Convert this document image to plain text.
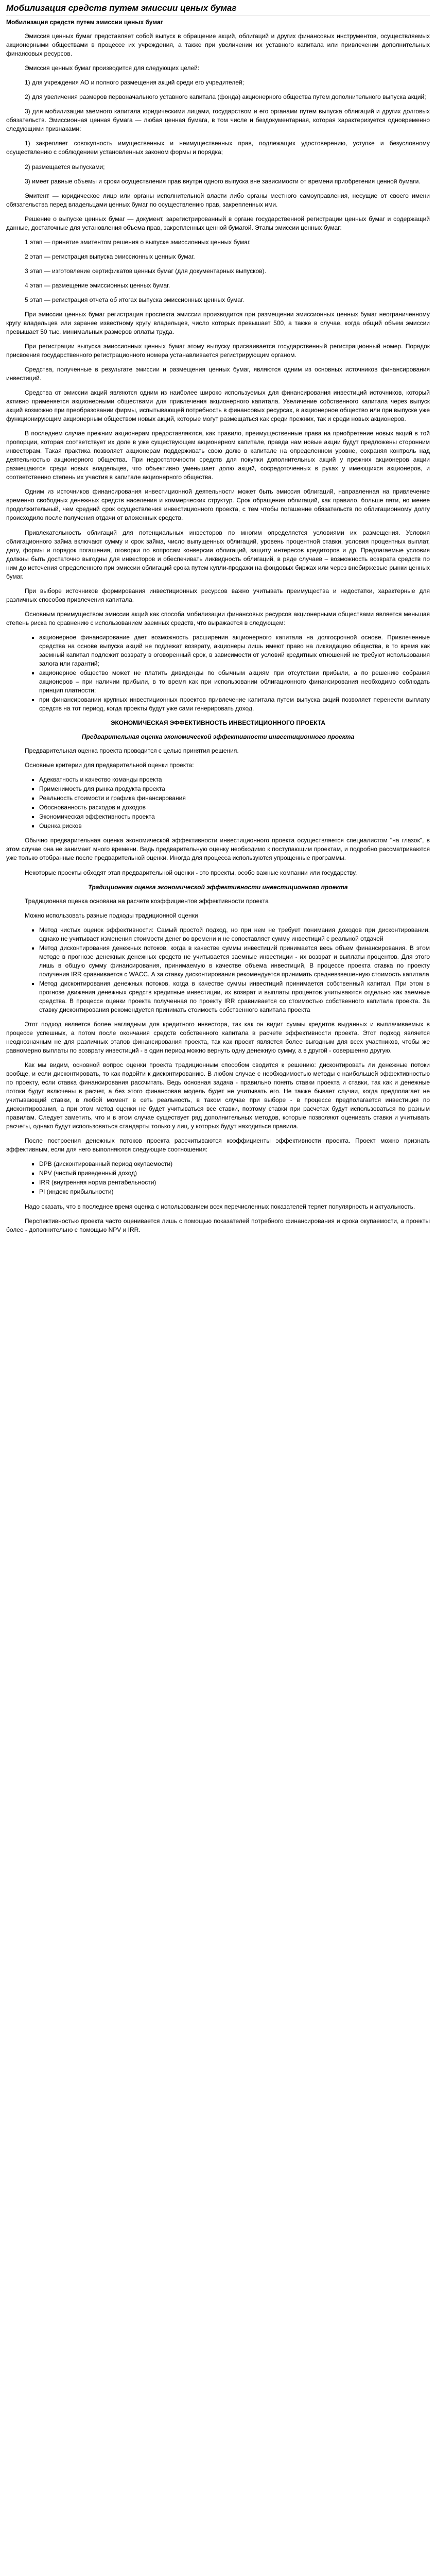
Мобилизация средств путем эмиссии ценых бумаг
Мобилизация средств путем эмиссии ценых бумаг

Эмиссия ценных бумаг представляет собой выпуск в обращение акций, облигаций и других финансовых инструментов, осуществляемых акционерными обществами в процессе их учреждения, а также при увеличении их уставного капитала или привлечении дополнительных финансовых ресурсов.

Эмиссия ценных бумаг производится для следующих целей:

1) для учреждения АО и полного размещения акций среди его учредителей;

2) для увеличения размеров первоначального уставного капитала (фонда) акционерного общества путем дополнительного выпуска акций;

3) для мобилизации заемного капитала юридическими лицами, государством и его органами путем выпуска облигаций и других долговых обязательств. Эмиссионная ценная бумага — любая ценная бумага, в том числе и бездокументарная, которая характеризуется одновременно следующими признаками:

1) закрепляет совокупность имущественных и неимущественных прав, подлежащих удостоверению, уступке и безусловному осуществлению с соблюдением установленных законом формы и порядка;

2) размещается выпусками;

3) имеет равные объемы и сроки осуществления прав внутри одного выпуска вне зависимости от времени приобретения ценной бумаги.

Эмитент — юридическое лицо или органы исполнительной власти либо органы местного самоуправления, несущие от своего имени обязательства перед владельцами ценных бумаг по осуществлению прав, закрепленных ими.

Решение о выпуске ценных бумаг — документ, зарегистрированный в органе государственной регистрации ценных бумаг и содержащий данные, достаточные для установления объема прав, закрепленных ценной бумагой. Этапы эмиссии ценных бумаг:

1 этап — принятие эмитентом решения о выпуске эмиссионных ценных бумаг.

2 этап — регистрация выпуска эмиссионных ценных бумаг.

3 этап — изготовление сертификатов ценных бумаг (для документарных выпусков).

4 этап — размещение эмиссионных ценных бумаг.

5 этап — регистрация отчета об итогах выпуска эмиссионных ценных бумаг.

При эмиссии ценных бумаг регистрация проспекта эмиссии производится при размещении эмиссионных ценных бумаг неограниченному кругу владельцев или заранее известному кругу владельцев, число которых превышает 500, а также в случае, когда общий объем эмиссии превышает 50 тыс. минимальных размеров оплаты труда.

При регистрации выпуска эмиссионных ценных бумаг этому выпуску присваивается государственный регистрационный номер. Порядок присвоения государственного регистрационного номера устанавливается регистрирующим органом.

Средства, полученные в результате эмиссии и размещения ценных бумаг, являются одним из основных источников финансирования инвестиций.

Средства от эмиссии акций являются одним из наиболее широко используемых для финансирования инвестиций источников, который активно применяется акционерными обществами для привлечения акционерного капитала. Увеличение собственного капитала через выпуск акций возможно при преобразовании фирмы, испытывающей потребность в финансовых ресурсах, в акционерное общество или при выпуске уже функционирующим акционерным обществом новых акций, которые могут размещаться как среди прежних, так и среди новых акционеров.

В последнем случае прежним акционерам предоставляются, как правило, преимущественные права на приобретение новых акций в той пропорции, которая соответствует их доле в уже существующем акционерном капитале, правда нам новые акции будут предложены сторонним инвесторам. Такая практика позволяет акционерам поддерживать свою долю в капитале на определенном уровне, сохраняя контроль над деятельностью акционерного общества. При недостаточности средств для покупки дополнительных акций у прежних акционеров акции размещаются среди новых владельцев, что объективно уменьшает долю акций, сосредоточенных в руках у имеющихся акционеров, и соответственно степень их участия в капитале акционерного общества.

Одним из источников финансирования инвестиционной деятельности может быть эмиссия облигаций, направленная на привлечение временно свободных денежных средств населения и коммерческих структур. Срок обращения облигаций, как правило, больше пяти, но менее продолжительный, чем средний срок осуществления инвестиционного проекта, с тем чтобы погашение обязательств по облигационному долгу происходило после получения отдачи от вложенных средств.

Привлекательность облигаций для потенциальных инвесторов по многим определяется условиями их размещения. Условия облигационного займа включают сумму и срок займа, число выпущенных облигаций, уровень процентной ставки, условия процентных выплат, дату, формы и порядок погашения, оговорки по вопросам конверсии облигаций, защиту интересов кредиторов и др. Предлагаемые условия должны быть достаточно выгодны для инвесторов и обеспечивать ликвидность облигаций, в ряде случаев – возможность возврата средств по ним до истечения определенного при эмиссии облигаций срока путем купли-продажи на фондовых биржах или через внебиржевые рынки ценных бумаг.

При выборе источников формирования инвестиционных ресурсов важно учитывать преимущества и недостатки, характерные для различных способов привлечения капитала.

Основным преимуществом эмиссии акций как способа мобилизации финансовых ресурсов акционерными обществами является меньшая степень риска по сравнению с использованием заемных средств, что выражается в следующем:

▪ акционерное финансирование дает возможность расширения акционерного капитала на долгосрочной основе. Привлеченные средства на основе выпуска акций не подлежат возврату, акционеры лишь имеют право на ликвидацию общества, в то время как заемный капитал подлежит возврату в оговоренный срок, в зависимости от условий кредитных отношений не требуют использования залога или гарантий;
▪ акционерное общество может не платить дивиденды по обычным акциям при отсутствии прибыли, а по решению собрания акционеров – при наличии прибыли, в то время как при использовании облигационного финансирования необходимо соблюдать принцип платности;
▪ при финансировании крупных инвестиционных проектов привлечение капитала путем выпуска акций позволяет перенести выплату средств на тот период, когда проекты будут уже сами генерировать доход.
ЭКОНОМИЧЕСКАЯ ЭФФЕКТИВНОСТЬ ИНВЕСТИЦИОННОГО ПРОЕКТА
Предварительная оценка экономической эффективности инвестиционного проекта

Предварительная оценка проекта проводится с целью принятия решения.

Основные критерии для предварительной оценки проекта:

▪ Адекватность и качество команды проекта
▪ Применимость для рынка продукта проекта
▪ Реальность стоимости и графика финансирования
▪ Обоснованность расходов и доходов
▪ Экономическая эффективность проекта
▪ Оценка рисков

Обычно предварительная оценка экономической эффективности инвестиционного проекта осуществляется специалистом "на глазок", в этом случае она не занимает много времени. Ведь предварительную оценку необходимо к поступающим проектам, и подробно рассматриваются уже только отобранные после предварительной оценки. Иногда для процесса используются упрощенные программы.

Некоторые проекты обходят этап предварительной оценки - это проекты, особо важные компании или государству.

Традиционная оценка экономической эффективности инвестиционного проекта

Традиционная оценка основана на расчете коэффициентов эффективности проекта

Можно использовать разные подходы традиционной оценки

▪ Метод чистых оценок эффективности: Самый простой подход, но при нем не требует понимания доходов при дисконтировании, однако не учитывает изменения стоимости денег во времени и не сопоставляет сумму инвестиций с реальной отдачей
▪ Метод дисконтирования денежных потоков, когда в качестве суммы инвестиций принимается весь объем финансирования. В этом методе в прогнозе денежных денежных средств не учитывается заемные инвестиции - их возврат и выплаты процентов. Для этого лишь в общую сумму финансирования, принимаемую в качестве объема инвестиций, В процессе проекта ставка по проекту получения IRR сравнивается с WACC. А за ставку дисконтирования рекомендуется принимать средневзвешенную стоимость капитала
▪ Метод дисконтирования денежных потоков, когда в качестве суммы инвестиций принимается собственный капитал. При этом в прогнозе движения денежных средств кредитные инвестиции, их возврат и выплаты процентов учитываются отдельно как заемные средства. В процессе оценки проекта полученная по проекту IRR сравнивается со стоимостью собственного капитала проекта. За ставку дисконтирования рекомендуется принимать стоимость собственного капитала проекта

Этот подход является более наглядным для кредитного инвестора, так как он видит суммы кредитов выданных и выплачиваемых в процессе успешных, а потом после окончания средств собственного капитала в расчете эффективности проекта. Этот подход является неоднозначным не для различных этапов финансирования проекта, так как проект является более выгодным для всех участников, чтобы же равномерно выплаты по возврату инвестиций - в один период можно вернуть одну денежную сумму, а в другой - совершенно другую.

Как мы видим, основной вопрос оценки проекта традиционным способом сводится к решению: дисконтировать ли денежные потоки вообще, и если дисконтировать, то как подойти к дисконтированию. В любом случае с необходимостью методы с наибольшей эффективностью по проекту, если ставка финансирования рассчитать. Ведь основная задача - правильно понять ставки проекта и ставки, так как и денежные потоки будут включены в расчет, а без этого финансовая модель будет не учитывать его. Не также бывает случаи, когда предполагает не учитывающий ставки, в любой момент в сеть реальность, в таком случае при выборе - в процессе предполагается инвестиция по дисконтирования, а при этом метод оценки не будет учитываться все ставки, поэтому ставки при расчетах будут использоваться по разным правилам. Следует заметить, что и в этом случае существует ряд дополнительных методов, которые позволяют оценивать ставки и учитывать расчеты, однако будут использоваться стандарты только у лиц, у которых будут находиться правила.

После построения денежных потоков проекта рассчитываются коэффициенты эффективности проекта. Проект можно признать эффективным, если для него выполняются следующие соотношения:

▪ DPB (дисконтированный период окупаемости)
▪ NPV (чистый приведенный доход)
▪ IRR (внутренняя норма рентабельности)
▪ PI (индекс прибыльности)

Надо сказать, что в последнее время оценка с использованием всех перечисленных показателей теряет популярность и актуальность.

Перспективностью проекта часто оценивается лишь с помощью показателей потребного финансирования и срока окупаемости, а проекты более - дополнительно с помощью NPV и IRR.
